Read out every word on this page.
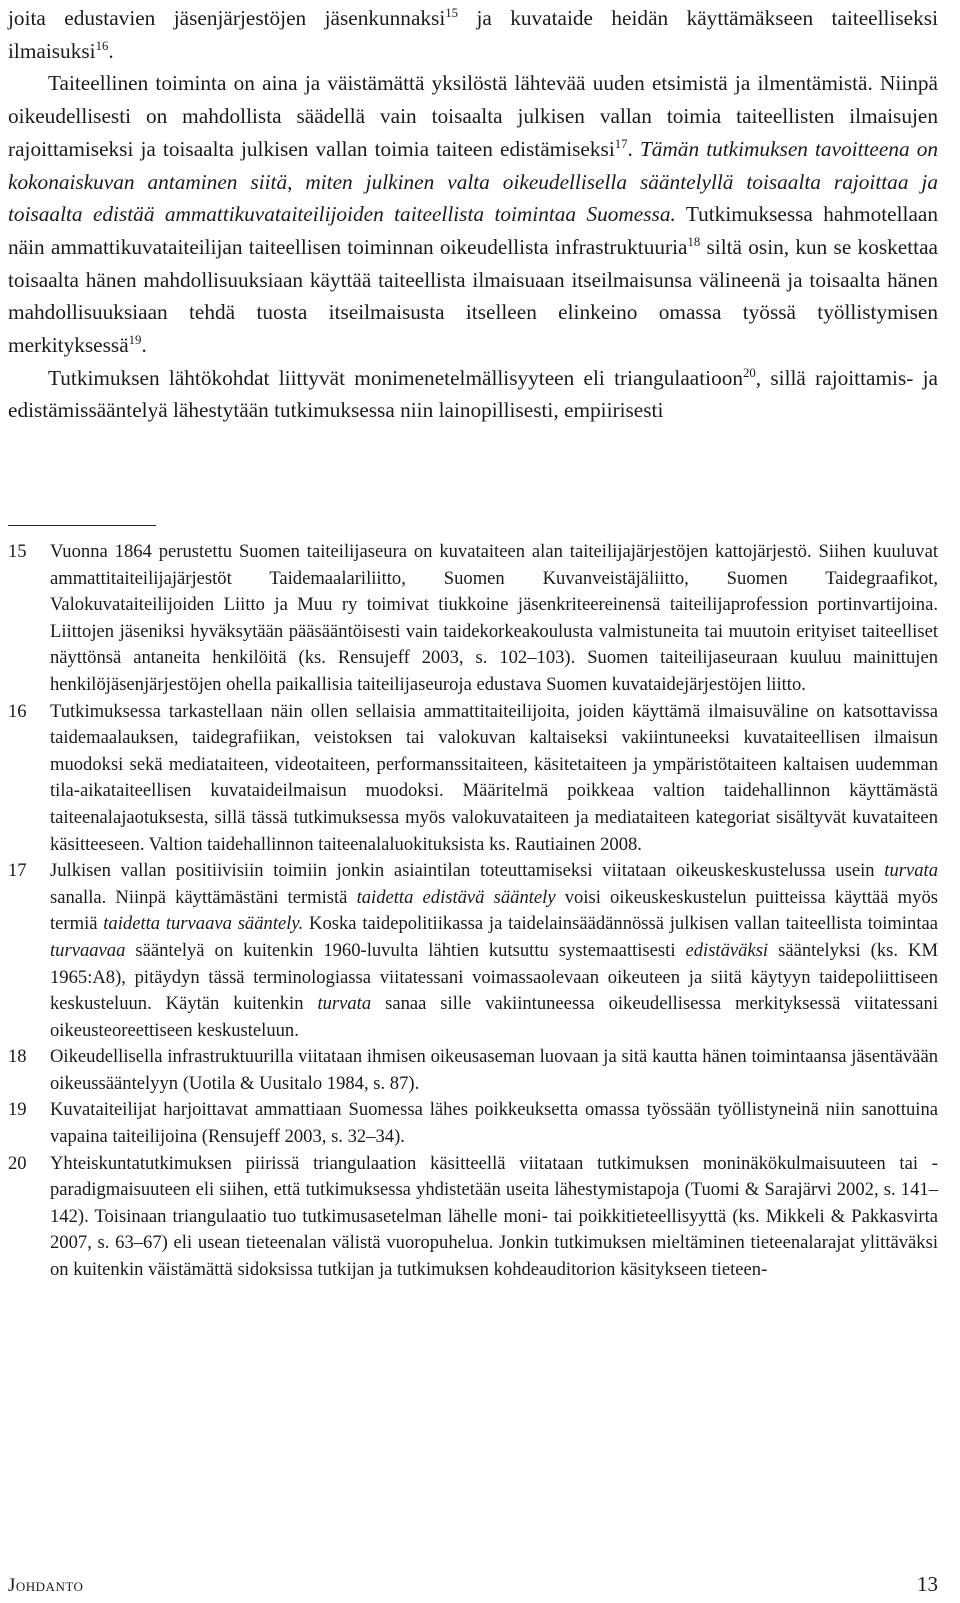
joita edustavien jäsenjärjestöjen jäsenkunnaksi$^{15}$ ja kuvataide heidän käyttämäkseen taiteelliseksi ilmaisuksi$^{16}$.

Taiteellinen toiminta on aina ja väistämättä yksilöstä lähtevää uuden etsimistä ja ilmentämistä. Niinpä oikeudellisesti on mahdollista säädellä vain toisaalta julkisen vallan toimia taiteellisten ilmaisujen rajoittamiseksi ja toisaalta julkisen vallan toimia taiteen edistämiseksi$^{17}$. Tämän tutkimuksen tavoitteena on kokonaiskuvan antaminen siitä, miten julkinen valta oikeudellisella sääntelyllä toisaalta rajoittaa ja toisaalta edistää ammattikuvataiteilijoiden taiteellista toimintaa Suomessa. Tutkimuksessa hahmotellaan näin ammattikuvataiteilijan taiteellisen toiminnan oikeudellista infrastruktuuria$^{18}$ siltä osin, kun se koskettaa toisaalta hänen mahdollisuuksiaan käyttää taiteellista ilmaisuaan itseilmaisunsa välineenä ja toisaalta hänen mahdollisuuksiaan tehdä tuosta itseilmaisusta itselleen elinkeino omassa työssä työllistymisen merkityksessä$^{19}$.

Tutkimuksen lähtökohdat liittyvät monimenetelmällisyyteen eli triangulaatioon$^{20}$, sillä rajoittamis- ja edistämissääntelyä lähestytään tutkimuksessa niin lainopillisesti, empiirisesti

15	Vuonna 1864 perustettu Suomen taiteilijaseura on kuvataiteen alan taiteilijajärjestöjen kattojärjestö. Siihen kuuluvat ammattitaiteilijajärjestöt Taidemaalariliitto, Suomen Kuvanveistäjäliitto, Suomen Taidegraafikot, Valokuvataiteilijoiden Liitto ja Muu ry toimivat tiukkoine jäsenkriteereinensä taiteilijaprofession portinvartijoina. Liittojen jäseniksi hyväksytään pääsääntöisesti vain taidekorkeakoulusta valmistuneita tai muutoin erityiset taiteelliset näyttönsä antaneita henkilöitä (ks. Rensujeff 2003, s. 102–103). Suomen taiteilijaseuraan kuuluu mainittujen henkilöjäsenjärjestöjen ohella paikallisia taiteilijaseuroja edustava Suomen kuvataidejärjestöjen liitto.
16	Tutkimuksessa tarkastellaan näin ollen sellaisia ammattitaiteilijoita, joiden käyttämä ilmaisuväline on katsottavissa taidemaalauksen, taidegrafiikan, veistoksen tai valokuvan kaltaiseksi vakiintuneeksi kuvataiteellisen ilmaisun muodoksi sekä mediataiteen, videotaiteen, performanssitaiteen, käsitetaiteen ja ympäristötaiteen kaltaisen uudemman tila-aikataiteellisen kuvataideilmaisun muodoksi. Määritelmä poikkeaa valtion taidehallinnon käyttämästä taiteenalajaotuksesta, sillä tässä tutkimuksessa myös valokuvataiteen ja mediataiteen kategoriat sisältyvät kuvataiteen käsitteeseen. Valtion taidehallinnon taiteenalaluokituksista ks. Rautiainen 2008.
17	Julkisen vallan positiivisiin toimiin jonkin asiaintilan toteuttamiseksi viitataan oikeuskeskustelussa usein turvata sanalla. Niinpä käyttämästäni termistä taidetta edistävä sääntely voisi oikeuskeskustelun puitteissa käyttää myös termiä taidetta turvaava sääntely. Koska taidepolitiikassa ja taidelainsäädännössä julkisen vallan taiteellista toimintaa turvaavaa sääntelyä on kuitenkin 1960-luvulta lähtien kutsuttu systemaattisesti edistäväksi sääntelyksi (ks. KM 1965:A8), pitäydyn tässä terminologiassa viitatessani voimassaolevaan oikeuteen ja siitä käytyyn taidepoliittiseen keskusteluun. Käytän kuitenkin turvata sanaa sille vakiintuneessa oikeudellisessa merkityksessä viitatessani oikeusteoreettiseen keskusteluun.
18	Oikeudellisella infrastruktuurilla viitataan ihmisen oikeusaseman luovaan ja sitä kautta hänen toimintaansa jäsentävään oikeussääntelyyn (Uotila & Uusitalo 1984, s. 87).
19	Kuvataiteilijat harjoittavat ammattiaan Suomessa lähes poikkeuksetta omassa työssään työllistyneinä niin sanottuina vapaina taiteilijoina (Rensujeff 2003, s. 32–34).
20	Yhteiskuntatutkimuksen piirissä triangulaation käsitteellä viitataan tutkimuksen moninäkökulmaisuuteen tai -paradigmaisuuteen eli siihen, että tutkimuksessa yhdistetään useita lähestymistapoja (Tuomi & Sarajärvi 2002, s. 141–142). Toisinaan triangulaatio tuo tutkimusasetelman lähelle moni- tai poikkitieteellisyyttä (ks. Mikkeli & Pakkasvirta 2007, s. 63–67) eli usean tieteenalan välistä vuoropuhelua. Jonkin tutkimuksen mieltäminen tieteenalarajat ylittäväksi on kuitenkin väistämättä sidoksissa tutkijan ja tutkimuksen kohdeauditorion käsitykseen tieteen-
Johdanto	13
